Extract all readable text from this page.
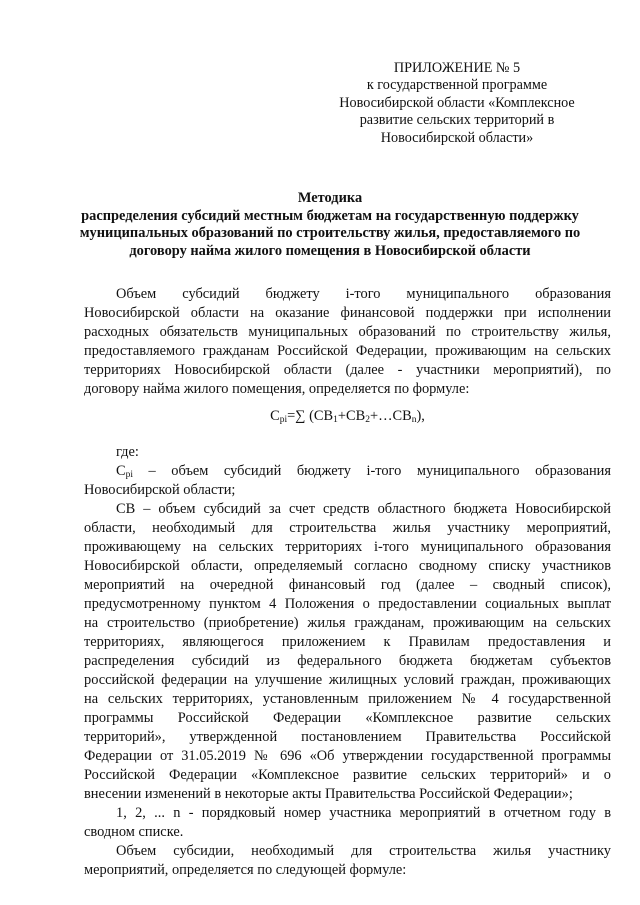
ПРИЛОЖЕНИЕ № 5
к государственной программе
Новосибирской области «Комплексное
развитие сельских территорий в
Новосибирской области»
Методика
распределения субсидий местным бюджетам на государственную поддержку
муниципальных образований по строительству жилья, предоставляемого по
договору найма жилого помещения в Новосибирской области
Объем субсидий бюджету i-того муниципального образования
Новосибирской области на оказание финансовой поддержки при исполнении
расходных обязательств муниципальных образований по строительству жилья,
предоставляемого гражданам Российской Федерации, проживающим на сельских
территориях Новосибирской области (далее - участники мероприятий), по
договору найма жилого помещения, определяется по формуле:
$С_{pi}=\sum$ $(СВ_1+СВ_2+\dots СВ_n)$,
где:
$С_{pi}$ – объем субсидий бюджету i-того муниципального образования
Новосибирской области;
СВ – объем субсидий за счет средств областного бюджета Новосибирской
области, необходимый для строительства жилья участнику мероприятий,
проживающему на сельских территориях i-того муниципального образования
Новосибирской области, определяемый согласно сводному списку участников
мероприятий на очередной финансовый год (далее – сводный список),
предусмотренному пунктом 4 Положения о предоставлении социальных выплат
на строительство (приобретение) жилья гражданам, проживающим на сельских
территориях, являющегося приложением к Правилам предоставления и
распределения субсидий из федерального бюджета бюджетам субъектов
российской федерации на улучшение жилищных условий граждан, проживающих
на сельских территориях, установленным приложением № 4 государственной
программы Российской Федерации «Комплексное развитие сельских
территорий», утвержденной постановлением Правительства Российской
Федерации от 31.05.2019 № 696 «Об утверждении государственной программы
Российской Федерации «Комплексное развитие сельских территорий» и о
внесении изменений в некоторые акты Правительства Российской Федерации»;
1, 2, ... n - порядковый номер участника мероприятий в отчетном году в
сводном списке.
Объем субсидии, необходимый для строительства жилья участнику
мероприятий, определяется по следующей формуле:
